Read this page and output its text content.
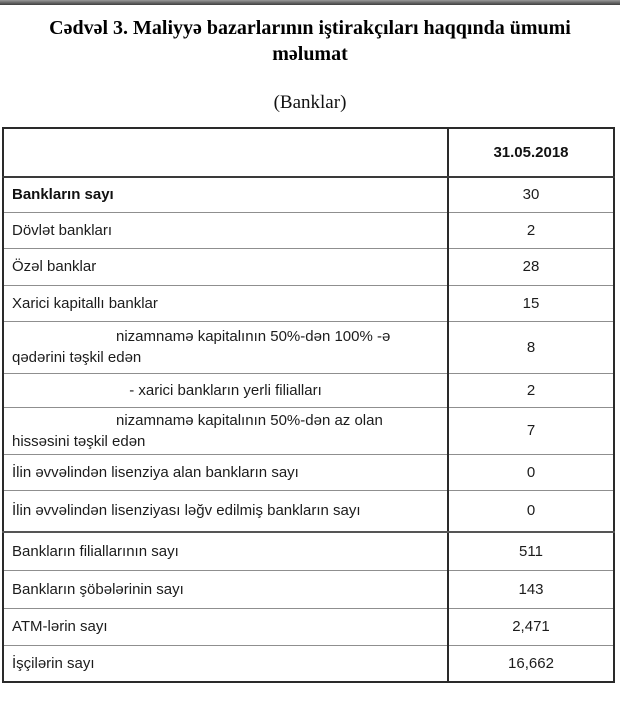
Cədvəl 3. Maliyyə bazarlarının iştirakçıları haqqında ümumi məlumat
(Banklar)
	31.05.2018
Bankların sayı	30
Dövlət bankları	2
Özəl banklar	28
Xarici kapitallı banklar	15
nizamnamə kapitalının 50%-dən 100% -ə qədərini təşkil edən	8
- xarici bankların yerli filialları	2
nizamnamə kapitalının 50%-dən az olan hissəsini təşkil edən	7
İlin əvvəlindən lisenziya alan bankların sayı	0
İlin əvvəlindən lisenziyası ləğv edilmiş bankların sayı	0
Bankların filiallarının sayı	511
Bankların şöbələrinin sayı	143
ATM-lərin sayı	2,471
İşçilərin sayı	16,662
